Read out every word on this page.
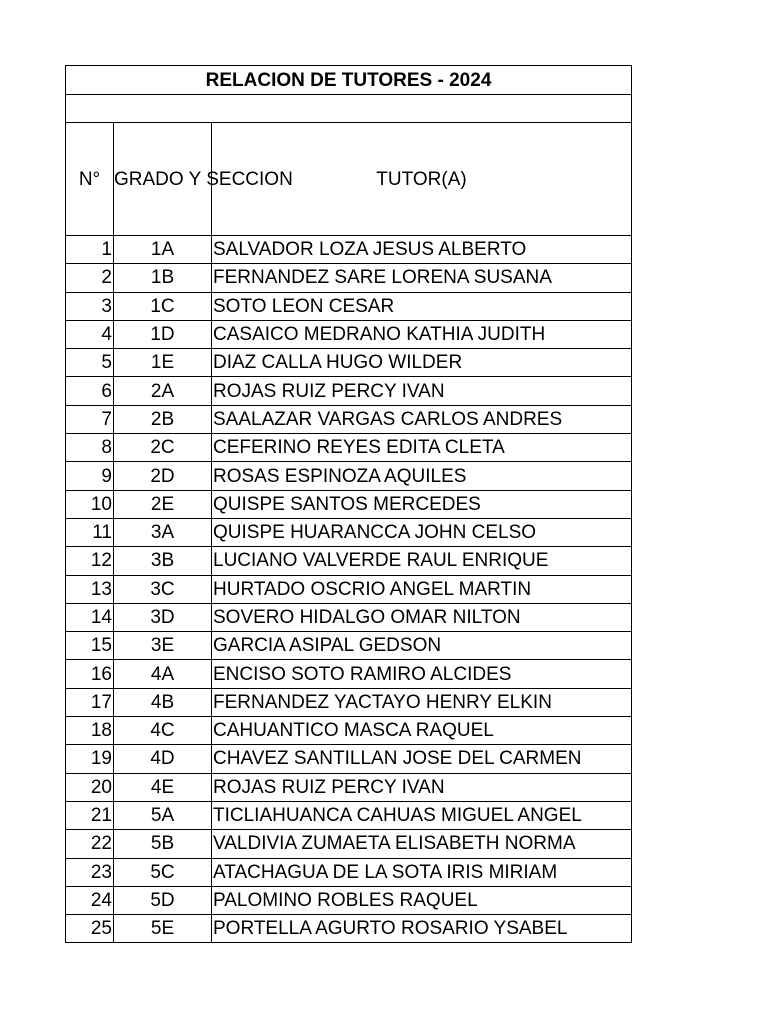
RELACION DE TUTORES - 2024		

N°	GRADO Y SECCION	TUTOR(A)
1	1A	SALVADOR LOZA JESUS ALBERTO
2	1B	FERNANDEZ SARE LORENA SUSANA
3	1C	SOTO LEON CESAR
4	1D	CASAICO MEDRANO KATHIA JUDITH
5	1E	DIAZ CALLA HUGO WILDER
6	2A	ROJAS RUIZ PERCY IVAN
7	2B	SAALAZAR VARGAS CARLOS ANDRES
8	2C	CEFERINO REYES EDITA CLETA
9	2D	ROSAS ESPINOZA AQUILES
10	2E	QUISPE SANTOS MERCEDES
11	3A	QUISPE HUARANCCA JOHN CELSO
12	3B	LUCIANO VALVERDE RAUL ENRIQUE
13	3C	HURTADO OSCRIO ANGEL MARTIN
14	3D	SOVERO HIDALGO OMAR NILTON
15	3E	GARCIA ASIPAL GEDSON
16	4A	ENCISO SOTO RAMIRO ALCIDES
17	4B	FERNANDEZ YACTAYO HENRY ELKIN
18	4C	CAHUANTICO MASCA RAQUEL
19	4D	CHAVEZ SANTILLAN JOSE DEL CARMEN
20	4E	ROJAS RUIZ PERCY IVAN
21	5A	TICLIAHUANCA CAHUAS MIGUEL ANGEL
22	5B	VALDIVIA ZUMAETA ELISABETH NORMA
23	5C	ATACHAGUA DE LA SOTA IRIS MIRIAM
24	5D	PALOMINO ROBLES RAQUEL
25	5E	PORTELLA AGURTO ROSARIO YSABEL
